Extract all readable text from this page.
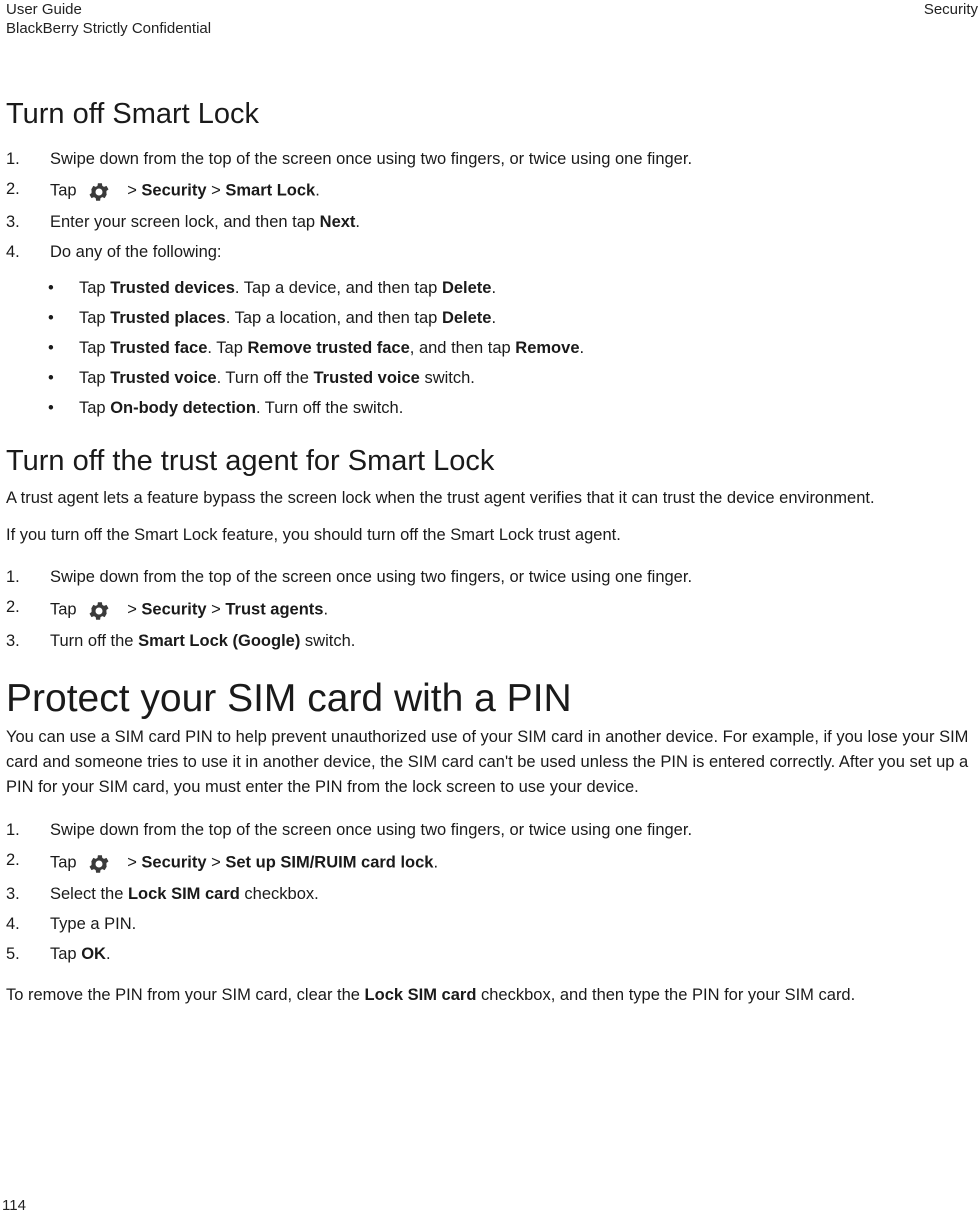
User Guide
BlackBerry Strictly Confidential
Security
Turn off Smart Lock
1.	Swipe down from the top of the screen once using two fingers, or twice using one finger.
2.	Tap	> Security > Smart Lock.
3.	Enter your screen lock, and then tap Next.
4.	Do any of the following:
• Tap Trusted devices. Tap a device, and then tap Delete.
• Tap Trusted places. Tap a location, and then tap Delete.
• Tap Trusted face. Tap Remove trusted face, and then tap Remove.
• Tap Trusted voice. Turn off the Trusted voice switch.
• Tap On-body detection. Turn off the switch.
Turn off the trust agent for Smart Lock

A trust agent lets a feature bypass the screen lock when the trust agent verifies that it can trust the device environment.

If you turn off the Smart Lock feature, you should turn off the Smart Lock trust agent.

1.	Swipe down from the top of the screen once using two fingers, or twice using one finger.
2.	Tap	> Security > Trust agents.
3.	Turn off the Smart Lock (Google) switch.
Protect your SIM card with a PIN

You can use a SIM card PIN to help prevent unauthorized use of your SIM card in another device. For example, if you lose your SIM card and someone tries to use it in another device, the SIM card can't be used unless the PIN is entered correctly. After you set up a PIN for your SIM card, you must enter the PIN from the lock screen to use your device.

1.	Swipe down from the top of the screen once using two fingers, or twice using one finger.
2.	Tap	> Security > Set up SIM/RUIM card lock.
3.	Select the Lock SIM card checkbox.
4.	Type a PIN.
5.	Tap OK.

To remove the PIN from your SIM card, clear the Lock SIM card checkbox, and then type the PIN for your SIM card.

114
